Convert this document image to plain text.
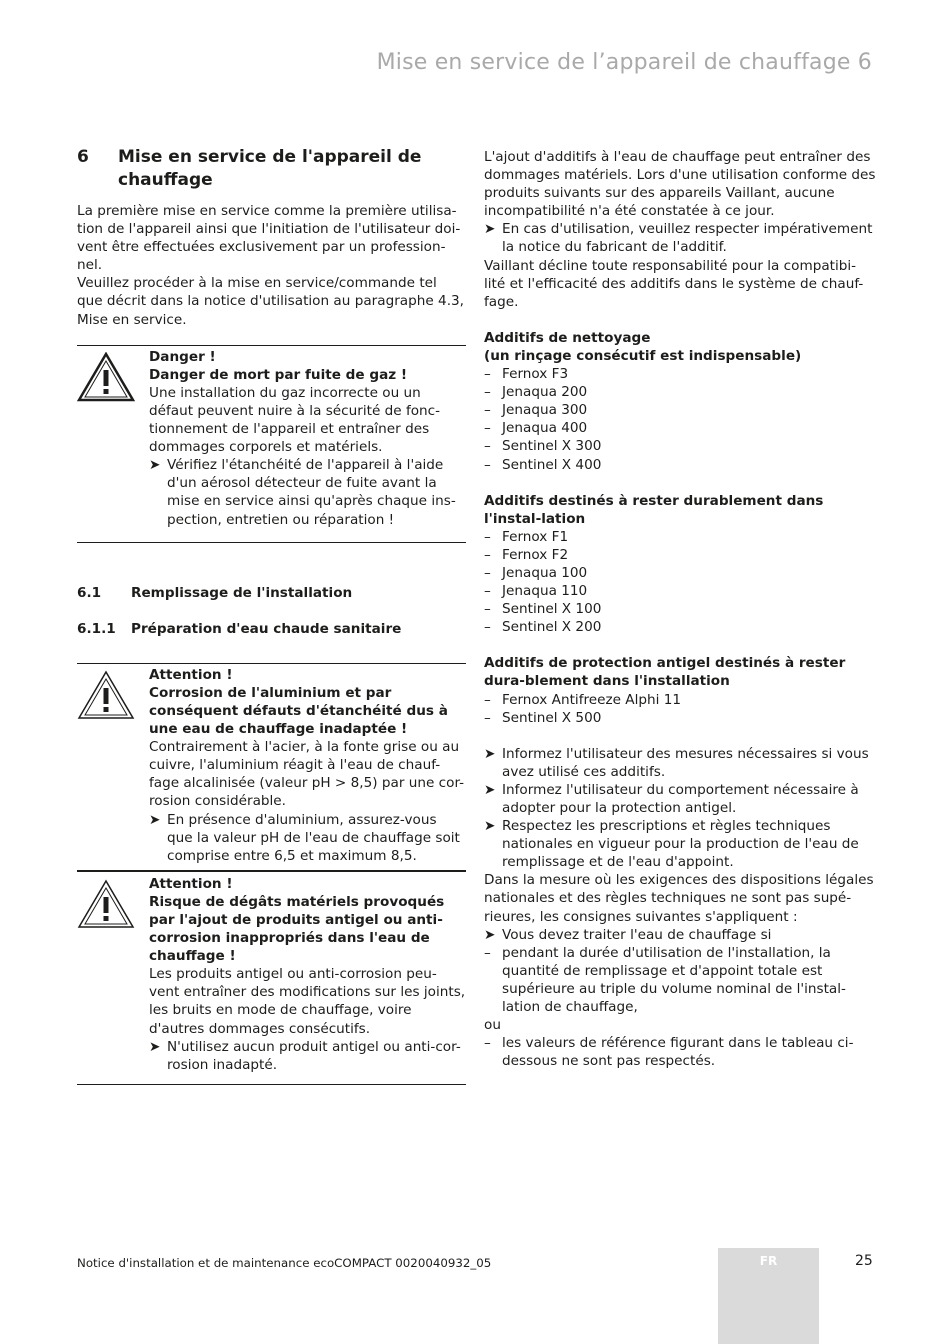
Mise en service de l’appareil de chauffage 6
6	Mise en service de l'appareil de chauffage

La première mise en service comme la première utilisa-tion de l'appareil ainsi que l'initiation de l'utilisateur doi-vent être effectuées exclusivement par un profession-nel.

Veuillez procéder à la mise en service/commande tel que décrit dans la notice d'utilisation au paragraphe 4.3, Mise en service.

Danger !
Danger de mort par fuite de gaz !
Une installation du gaz incorrecte ou un défaut peuvent nuire à la sécurité de fonc-tionnement de l'appareil et entraîner des dommages corporels et matériels.
➤ Vérifiez l'étanchéité de l'appareil à l'aide d'un aérosol détecteur de fuite avant la mise en service ainsi qu'après chaque ins-pection, entretien ou réparation !
6.1	Remplissage de l'installation
6.1.1	Préparation d'eau chaude sanitaire
Attention !
Corrosion de l'aluminium et par conséquent défauts d'étanchéité dus à une eau de chauffage inadaptée !
Contrairement à l'acier, à la fonte grise ou au cuivre, l'aluminium réagit à l'eau de chauf-fage alcalinisée (valeur pH > 8,5) par une cor-rosion considérable.
➤ En présence d'aluminium, assurez-vous que la valeur pH de l'eau de chauffage soit comprise entre 6,5 et maximum 8,5.
Attention !
Risque de dégâts matériels provoqués par l'ajout de produits antigel ou anti-corrosion inappropriés dans l'eau de chauffage !
Les produits antigel ou anti-corrosion peu-vent entraîner des modifications sur les joints, les bruits en mode de chauffage, voire d'autres dommages consécutifs.
➤ N'utilisez aucun produit antigel ou anti-cor-rosion inadapté.

L'ajout d'additifs à l'eau de chauffage peut entraîner des dommages matériels. Lors d'une utilisation conforme des produits suivants sur des appareils Vaillant, aucune incompatibilité n'a été constatée à ce jour.

➤ En cas d'utilisation, veuillez respecter impérativement la notice du fabricant de l'additif.

Vaillant décline toute responsabilité pour la compatibi-lité et l'efficacité des additifs dans le système de chauf-fage.

Additifs de nettoyage
(un rinçage consécutif est indispensable)
– Fernox F3
– Jenaqua 200
– Jenaqua 300
– Jenaqua 400
– Sentinel X 300
– Sentinel X 400
Additifs destinés à rester durablement dans l'instal-lation
– Fernox F1
– Fernox F2
– Jenaqua 100
– Jenaqua 110
– Sentinel X 100
– Sentinel X 200
Additifs de protection antigel destinés à rester dura-blement dans l'installation
– Fernox Antifreeze Alphi 11
– Sentinel X 500
➤ Informez l'utilisateur des mesures nécessaires si vous avez utilisé ces additifs.
➤ Informez l'utilisateur du comportement nécessaire à adopter pour la protection antigel.
➤ Respectez les prescriptions et règles techniques nationales en vigueur pour la production de l'eau de remplissage et de l'eau d'appoint.

Dans la mesure où les exigences des dispositions légales nationales et des règles techniques ne sont pas supé-rieures, les consignes suivantes s'appliquent :

➤ Vous devez traiter l'eau de chauffage si
– pendant la durée d'utilisation de l'installation, la quantité de remplissage et d'appoint totale est supérieure au triple du volume nominal de l'instal-lation de chauffage,

ou

– les valeurs de référence figurant dans le tableau ci-dessous ne sont pas respectés.
Notice d'installation et de maintenance ecoCOMPACT 0020040932_05	FR	25
